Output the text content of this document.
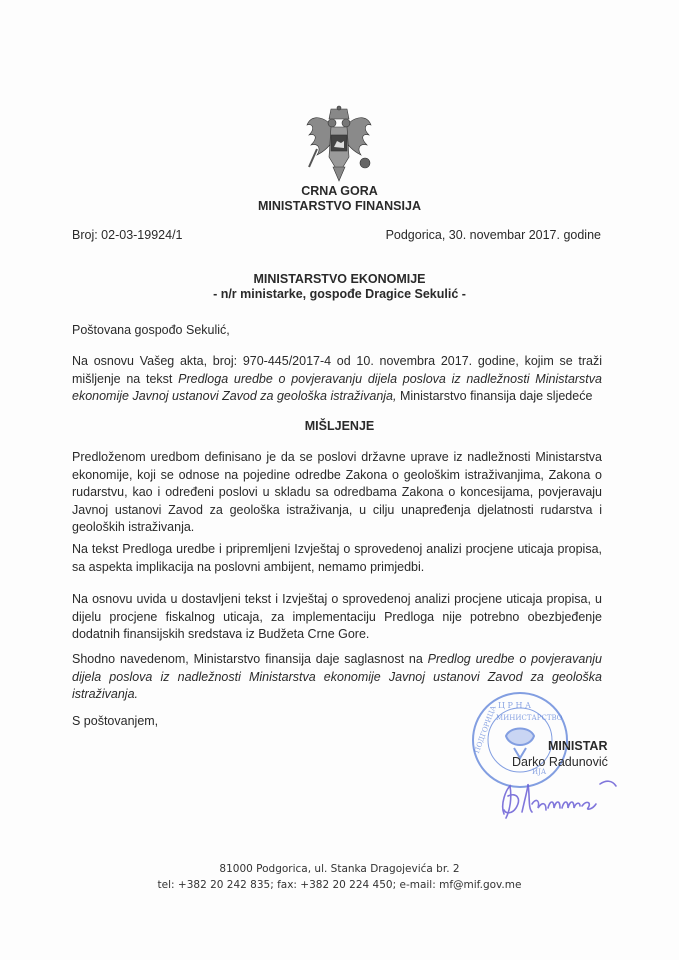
CRNA GORA
MINISTARSTVO FINANSIJA
Broj: 02-03-19924/1	Podgorica, 30. novembar 2017. godine
MINISTARSTVO EKONOMIJE
- n/r ministarke, gospođe Dragice Sekulić -
Poštovana gospođo Sekulić,
Na osnovu Vašeg akta, broj: 970-445/2017-4 od 10. novembra 2017. godine, kojim se traži mišljenje na tekst Predloga uredbe o povjeravanju dijela poslova iz nadležnosti Ministarstva ekonomije Javnoj ustanovi Zavod za geološka istraživanja, Ministarstvo finansija daje sljedeće
MIŠLJENJE
Predloženom uredbom definisano je da se poslovi državne uprave iz nadležnosti Ministarstva ekonomije, koji se odnose na pojedine odredbe Zakona o geološkim istraživanjima, Zakona o rudarstvu, kao i određeni poslovi u skladu sa odredbama Zakona o koncesijama, povjeravaju Javnoj ustanovi Zavod za geološka istraživanja, u cilju unapređenja djelatnosti rudarstva i geoloških istraživanja.
Na tekst Predloga uredbe i pripremljeni Izvještaj o sprovedenoj analizi procjene uticaja propisa, sa aspekta implikacija na poslovni ambijent, nemamo primjedbi.
Na osnovu uvida u dostavljeni tekst i Izvještaj o sprovedenoj analizi procjene uticaja propisa, u dijelu procjene fiskalnog uticaja, za implementaciju Predloga nije potrebno obezbjeđenje dodatnih finansijskih sredstava iz Budžeta Crne Gore.
Shodno navedenom, Ministarstvo finansija daje saglasnost na Predlog uredbe o povjeravanju dijela poslova iz nadležnosti Ministarstva ekonomije Javnoj ustanovi Zavod za geološka istraživanja.
S poštovanjem,
Ц Р Н А
МИНИСТАРСТВО
ПОДГОРИЦА
ИЈА
MINISTAR
Darko Radunović
81000 Podgorica, ul. Stanka Dragojevića br. 2
tel: +382 20 242 835; fax: +382 20 224 450; e-mail: mf@mif.gov.me
